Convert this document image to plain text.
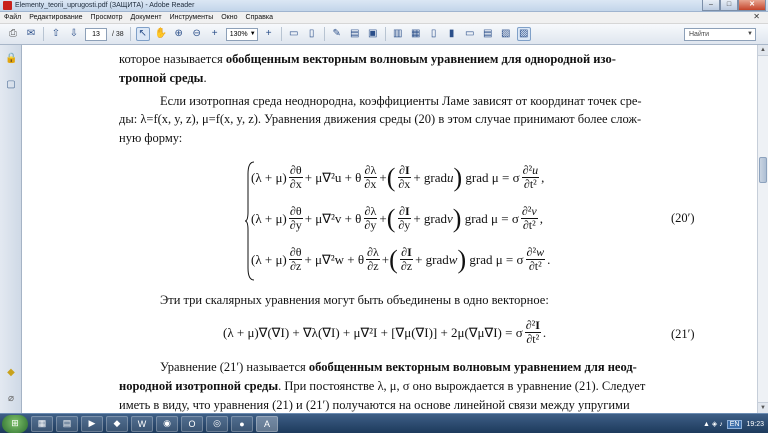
Elementy_teorii_uprugosti.pdf (ЗАЩИТА) - Adobe Reader	–	□	✕
Файл	Редактирование	Просмотр	Документ	Инструменты	Окно	Справка	✕
⎙ ✉ ⇧ ⇩	13	/ 38 ↖ ✋ ⊕ ⊖	+	130% ▼	+	▭	▯	✎ ▤ ▣ ▥ ▦	▯	▮	▭ ▤ ▧ ▨	Найти	▼
🔒
▢
◆
⌀
которое называется обобщенным векторным волновым уравнением для однородной изо-
тропной среды.
Если изотропная среда неоднородна, коэффициенты Ламе зависят от координат точек сре-
ды: λ=f(x, y, z), μ=f(x, y, z). Уравнения движения среды (20) в этом случае принимают более слож-
ную форму:
$(\lambda + \mu) \frac{\partial\theta}{\partial x} + \mu\nabla^2u + \theta \frac{\partial\lambda}{\partial x}$ + ( $\frac{\partial I}{\partial x}$ + gradu ) grad μ = σ $\frac{\text{∂²u}}{\text{∂t²}}$ ,
$(\lambda + \mu) \frac{\partial\theta}{\partial y} + \mu\nabla^2v + \theta \frac{\partial\lambda}{\partial y}$ + ( $\frac{\partial I}{\partial y}$ + gradv ) grad μ = σ $\frac{\text{∂²v}}{\text{∂t²}}$ ,
$(\lambda + \mu) \frac{\partial\theta}{\partial z} + \mu\nabla^2w + \theta \frac{\partial\lambda}{\partial z}$ + ( $\frac{\partial I}{\partial z}$ + gradw ) grad μ = σ $\frac{\text{∂²w}}{\text{∂t²}}$ .
(20′)
Эти три скалярных уравнения могут быть объединены в одно векторное:
(λ + μ)∇(∇I) + ∇λ(∇I) + μ∇²I + [∇μ(∇I)] + 2μ(∇μ∇I) = σ $\frac{\text{∂²I}}{\text{∂t²}}$ .	(21′)
Уравнение (21′) называется обобщенным векторным волновым уравнением для неод-
нородной изотропной среды. При постоянстве λ, μ, σ оно вырождается в уравнение (21). Следует
иметь в виду, что уравнения (21) и (21′) получаются на основе линейной связи между упругими
▲
▼
⊞	▦	▤	▶	◆	W	◉	O	◎	●	A	▲ ◈ ♪	EN	19:23
